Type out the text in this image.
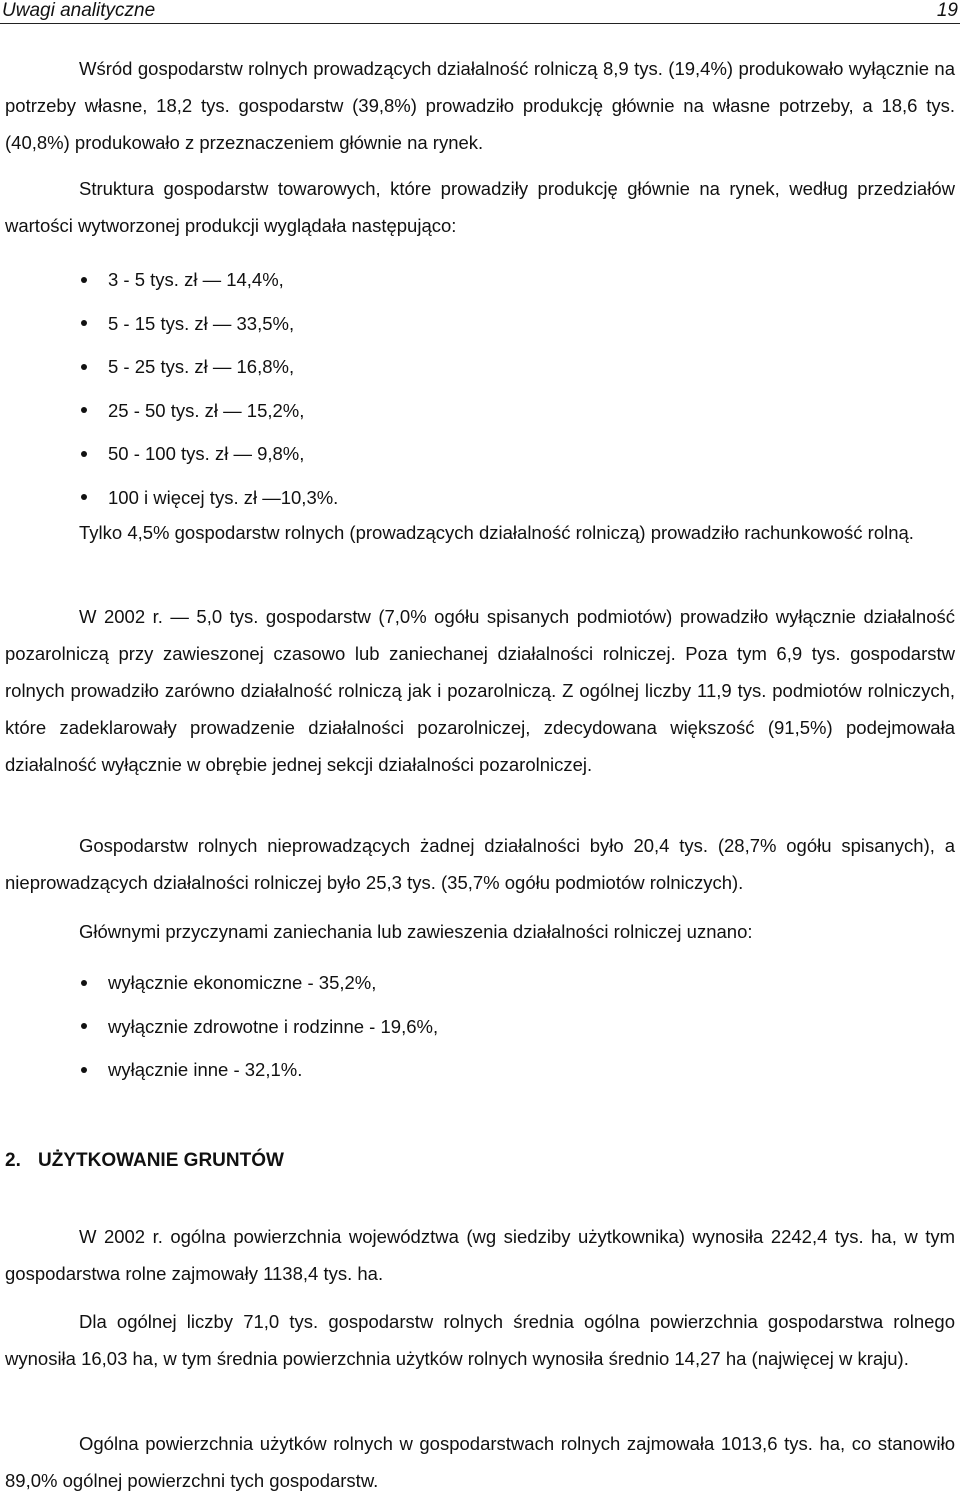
Uwagi analityczne	19

Wśród gospodarstw rolnych prowadzących działalność rolniczą 8,9 tys. (19,4%) produkowało wyłącznie na potrzeby własne, 18,2 tys. gospodarstw (39,8%) prowadziło produkcję głównie na własne potrzeby, a 18,6 tys. (40,8%) produkowało z przeznaczeniem głównie na rynek.

Struktura gospodarstw towarowych, które prowadziły produkcję głównie na rynek, według przedziałów wartości wytworzonej produkcji wyglądała następująco:

3 - 5 tys. zł ― 14,4%,
5 - 15 tys. zł ― 33,5%,
5 - 25 tys. zł ― 16,8%,
25 - 50 tys. zł ― 15,2%,
50 - 100 tys. zł ― 9,8%,
100 i więcej tys. zł ―10,3%.

Tylko 4,5% gospodarstw rolnych (prowadzących działalność rolniczą) prowadziło rachunkowość rolną.

W 2002 r. ― 5,0 tys. gospodarstw (7,0% ogółu spisanych podmiotów) prowadziło wyłącznie działalność pozarolniczą przy zawieszonej czasowo lub zaniechanej działalności rolniczej. Poza tym 6,9 tys. gospodarstw rolnych prowadziło zarówno działalność rolniczą jak i pozarolniczą. Z ogólnej liczby 11,9 tys. podmiotów rolniczych, które zadeklarowały prowadzenie działalności pozarolniczej, zdecydowana większość (91,5%) podejmowała działalność wyłącznie w obrębie jednej sekcji działalności pozarolniczej.

Gospodarstw rolnych nieprowadzących żadnej działalności było 20,4 tys. (28,7% ogółu spisanych), a nieprowadzących działalności rolniczej było 25,3 tys. (35,7% ogółu podmiotów rolniczych).

Głównymi przyczynami zaniechania lub zawieszenia działalności rolniczej uznano:

wyłącznie ekonomiczne - 35,2%,
wyłącznie zdrowotne i rodzinne - 19,6%,
wyłącznie inne - 32,1%.
2. UŻYTKOWANIE GRUNTÓW

W 2002 r. ogólna powierzchnia województwa (wg siedziby użytkownika) wynosiła 2242,4 tys. ha, w tym gospodarstwa rolne zajmowały 1138,4 tys. ha.

Dla ogólnej liczby 71,0 tys. gospodarstw rolnych średnia ogólna powierzchnia gospodarstwa rolnego wynosiła 16,03 ha, w tym średnia powierzchnia użytków rolnych wynosiła średnio 14,27 ha (najwięcej w kraju).

Ogólna powierzchnia użytków rolnych w gospodarstwach rolnych zajmowała 1013,6 tys. ha, co stanowiło 89,0% ogólnej powierzchni tych gospodarstw.
